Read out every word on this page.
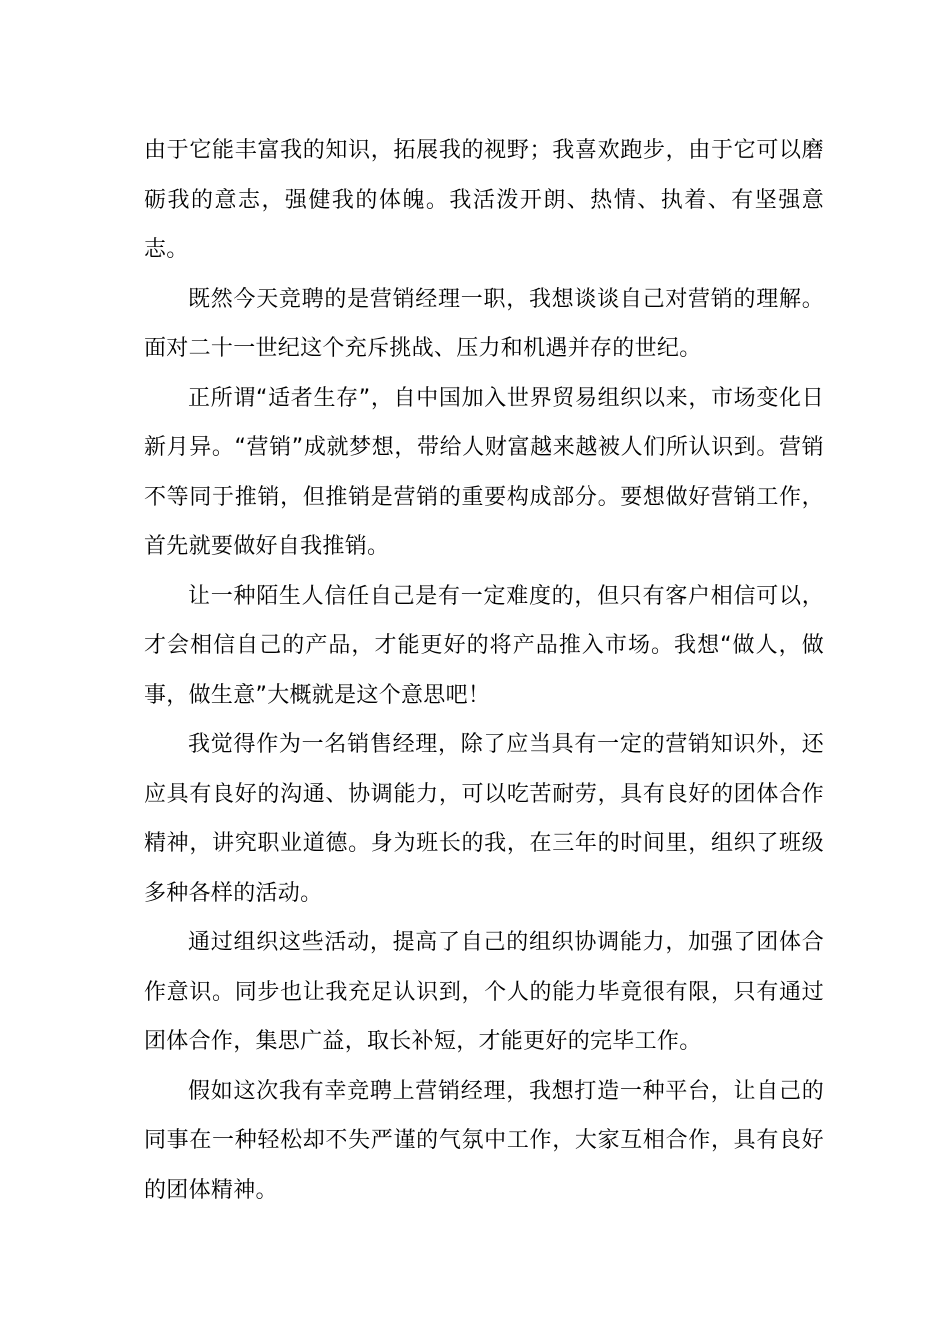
由于它能丰富我的知识，拓展我的视野；我喜欢跑步，由于它可以磨砺我的意志，强健我的体魄。我活泼开朗、热情、执着、有坚强意志。

既然今天竞聘的是营销经理一职，我想谈谈自己对营销的理解。面对二十一世纪这个充斥挑战、压力和机遇并存的世纪。

正所谓“适者生存”，自中国加入世界贸易组织以来，市场变化日新月异。“营销”成就梦想，带给人财富越来越被人们所认识到。营销不等同于推销，但推销是营销的重要构成部分。要想做好营销工作，首先就要做好自我推销。

让一种陌生人信任自己是有一定难度的，但只有客户相信可以，才会相信自己的产品，才能更好的将产品推入市场。我想“做人，做事，做生意”大概就是这个意思吧！

我觉得作为一名销售经理，除了应当具有一定的营销知识外，还应具有良好的沟通、协调能力，可以吃苦耐劳，具有良好的团体合作精神，讲究职业道德。身为班长的我，在三年的时间里，组织了班级多种各样的活动。

通过组织这些活动，提高了自己的组织协调能力，加强了团体合作意识。同步也让我充足认识到，个人的能力毕竟很有限，只有通过团体合作，集思广益，取长补短，才能更好的完毕工作。

假如这次我有幸竞聘上营销经理，我想打造一种平台，让自己的同事在一种轻松却不失严谨的气氛中工作，大家互相合作，具有良好的团体精神。
